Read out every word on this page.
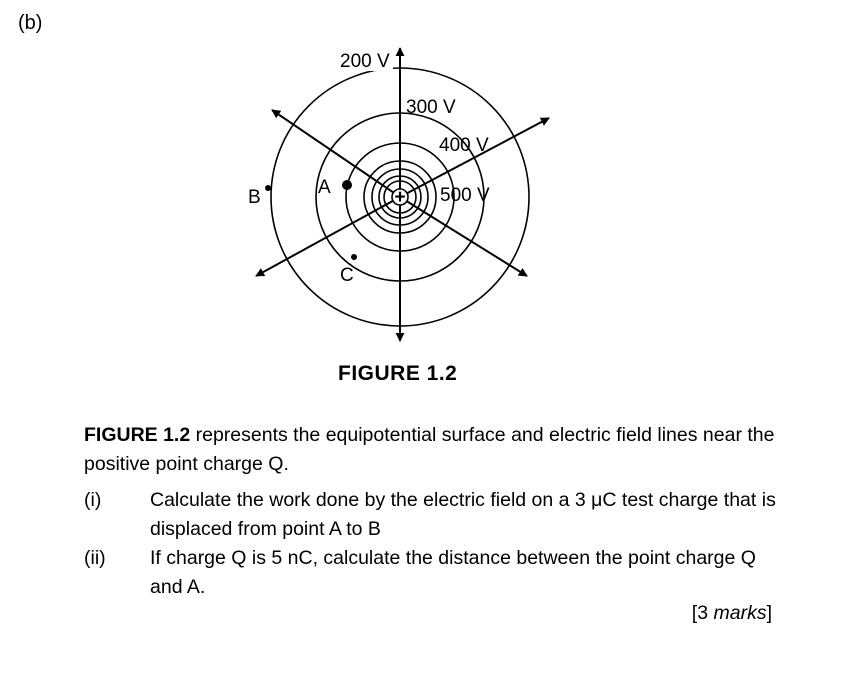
(b)
+
200 V
300 V
400 V
500 V
A
B
C
FIGURE 1.2
FIGURE 1.2 represents the equipotential surface and electric field lines near the positive point charge Q.
(i) Calculate the work done by the electric field on a 3 μC test charge that is displaced from point A to B
(ii) If charge Q is 5 nC, calculate the distance between the point charge Q and A.
[3 marks]
